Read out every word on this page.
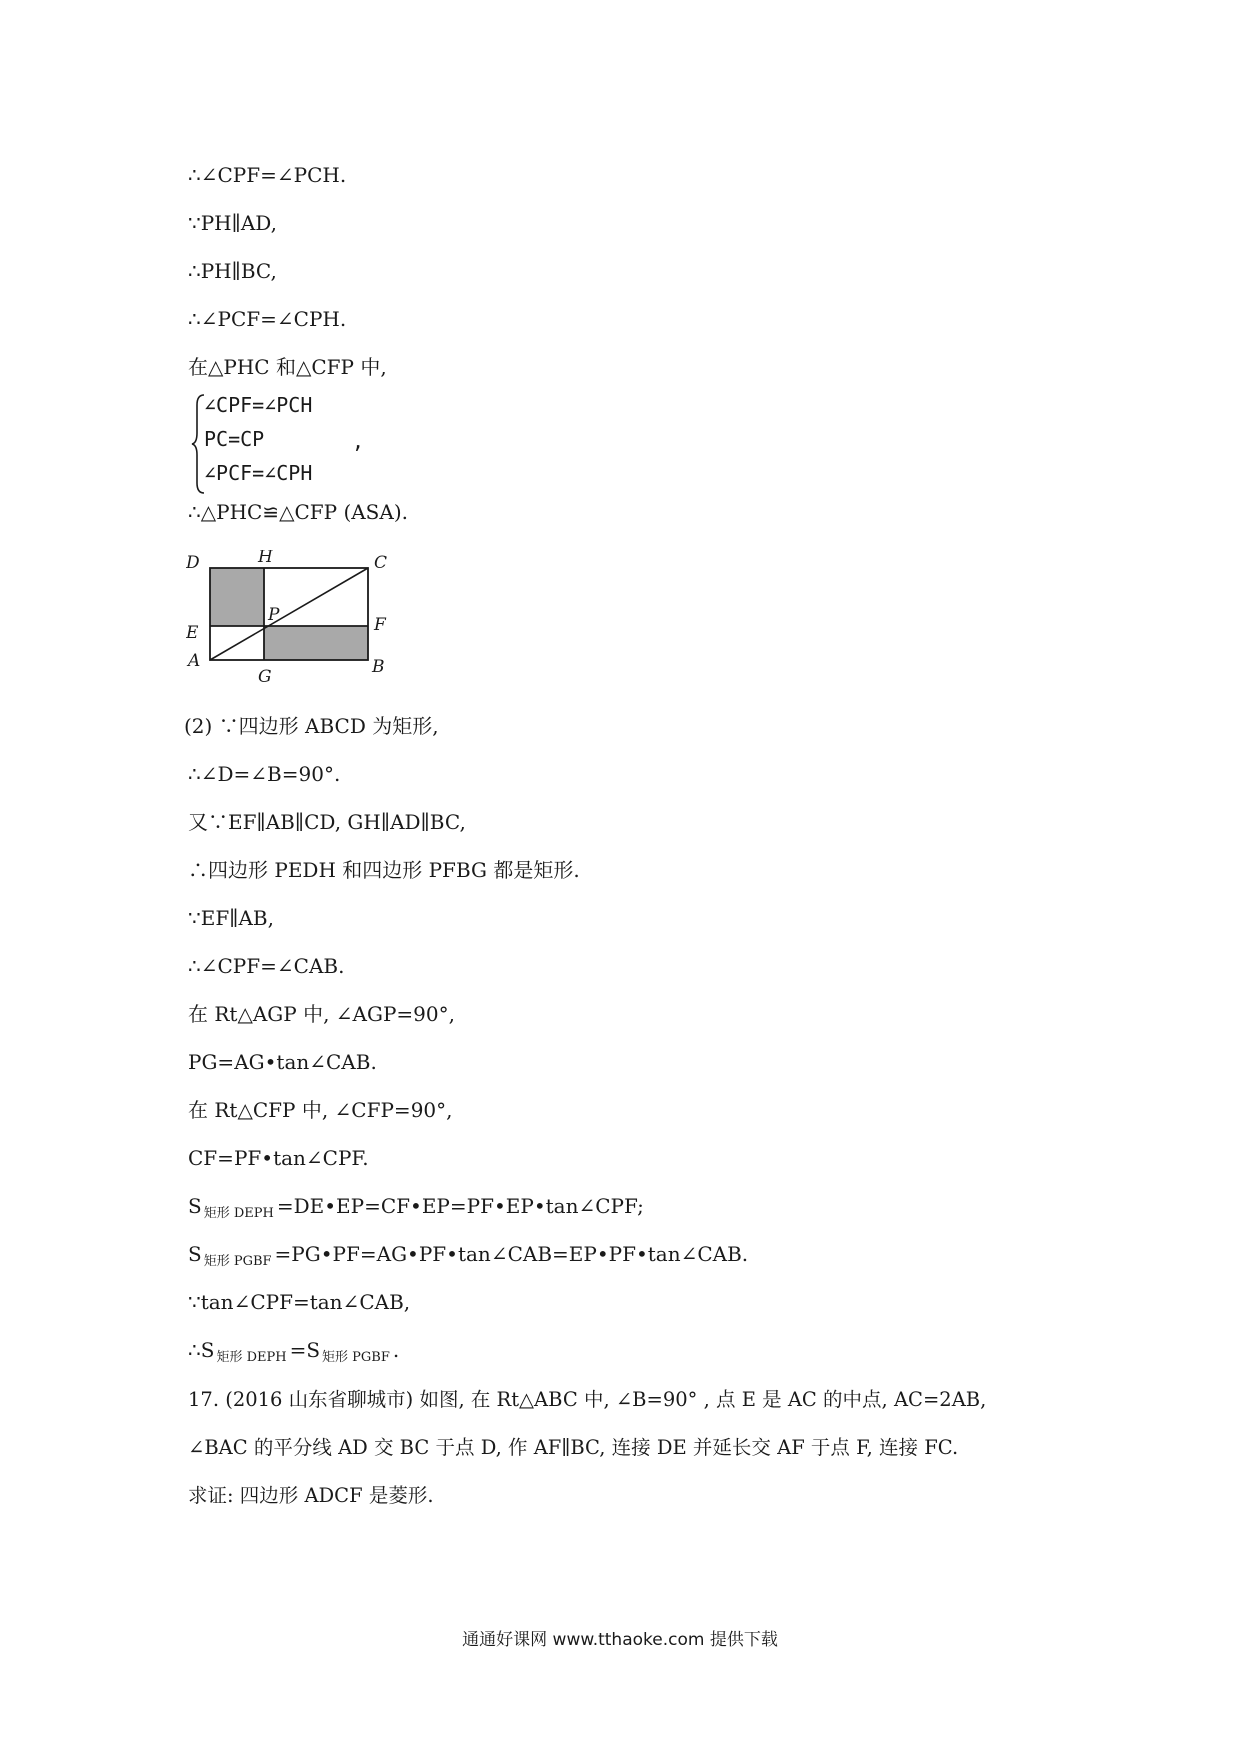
∴∠CPF=∠PCH.
∵PH∥AD,
∴PH∥BC,
∴∠PCF=∠CPH.
在△PHC 和△CFP 中,
∠CPF=∠PCH
PC=CP
∠PCF=∠CPH
,
∴△PHC≌△CFP (ASA).
D	H	C
P
E	F
A
G	B
(2) ∵四边形 ABCD 为矩形,
∴∠D=∠B=90°.
又∵EF∥AB∥CD, GH∥AD∥BC,
∴四边形 PEDH 和四边形 PFBG 都是矩形.
∵EF∥AB,
∴∠CPF=∠CAB.
在 Rt△AGP 中, ∠AGP=90°,
PG=AG•tan∠CAB.
在 Rt△CFP 中, ∠CFP=90°,
CF=PF•tan∠CPF.
S $_{矩形 DEPH}$ =DE•EP=CF•EP=PF•EP•tan∠CPF;
S $_{矩形 PGBF}$ =PG•PF=AG•PF•tan∠CAB=EP•PF•tan∠CAB.
∵tan∠CPF=tan∠CAB,
∴S $_{矩形 DEPH}$ =S $_{矩形 PGBF}$ .
17. (2016 山东省聊城市) 如图, 在 Rt△ABC 中, ∠B=90° , 点 E 是 AC 的中点, AC=2AB,
∠BAC 的平分线 AD 交 BC 于点 D, 作 AF∥BC, 连接 DE 并延长交 AF 于点 F, 连接 FC.
求证: 四边形 ADCF 是菱形.
通通好课网 www.tthaoke.com 提供下载
